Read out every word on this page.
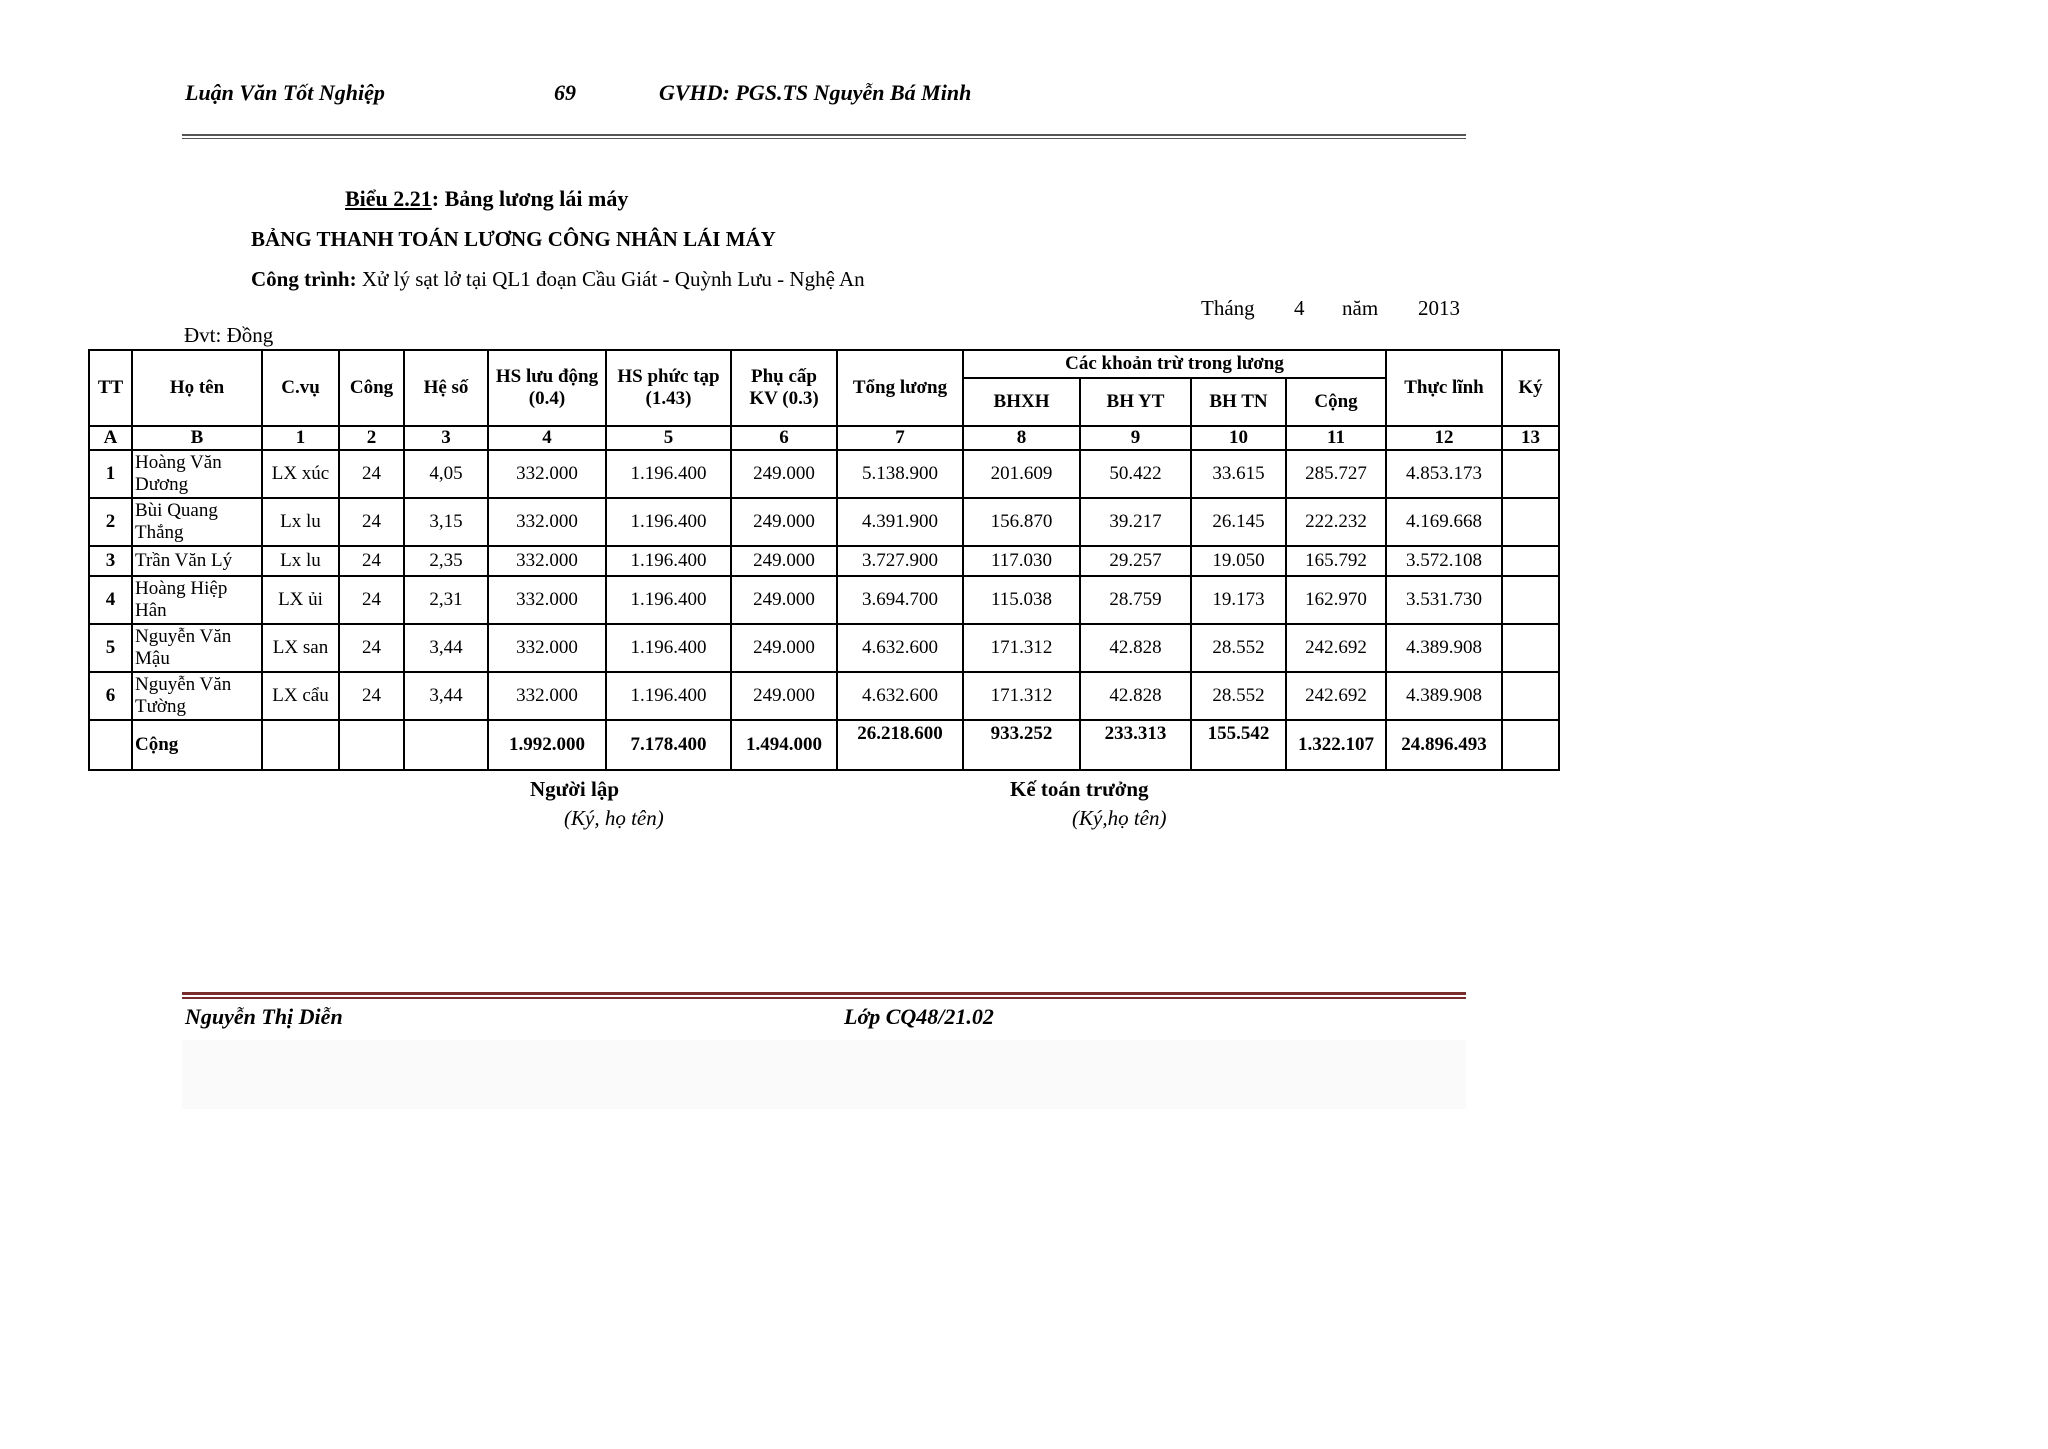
Luận Văn Tốt Nghiệp	69	GVHD: PGS.TS Nguyễn Bá Minh
Biểu 2.21: Bảng lương lái máy
BẢNG THANH TOÁN LƯƠNG CÔNG NHÂN LÁI MÁY
Công trình: Xử lý sạt lở tại QL1 đoạn Cầu Giát - Quỳnh Lưu - Nghệ An
Tháng 4 năm 2013
Đvt: Đồng
TT	Họ tên	C.vụ	Công	Hệ số	HS lưu động (0.4)	HS phức tạp (1.43)	Phụ cấp KV (0.3)	Tổng lương	Các khoản trừ trong lương				Thực lĩnh	Ký
									BHXH	BH YT	BH TN	Cộng		
A	B	1	2	3	4	5	6	7	8	9	10	11	12	13
1	Hoàng Văn Dương	LX xúc	24	4,05	332.000	1.196.400	249.000	5.138.900	201.609	50.422	33.615	285.727	4.853.173	
2	Bùi Quang Thắng	Lx lu	24	3,15	332.000	1.196.400	249.000	4.391.900	156.870	39.217	26.145	222.232	4.169.668	
3	Trần Văn Lý	Lx lu	24	2,35	332.000	1.196.400	249.000	3.727.900	117.030	29.257	19.050	165.792	3.572.108	
4	Hoàng Hiệp Hân	LX ủi	24	2,31	332.000	1.196.400	249.000	3.694.700	115.038	28.759	19.173	162.970	3.531.730	
5	Nguyễn Văn Mậu	LX san	24	3,44	332.000	1.196.400	249.000	4.632.600	171.312	42.828	28.552	242.692	4.389.908	
6	Nguyễn Văn Tường	LX cẩu	24	3,44	332.000	1.196.400	249.000	4.632.600	171.312	42.828	28.552	242.692	4.389.908	
	Cộng				1.992.000	7.178.400	1.494.000	26.218.600	933.252	233.313	155.542	1.322.107	24.896.493	
Người lập
(Ký, họ tên)
Kế toán trưởng
(Ký,họ tên)
Nguyễn Thị Diễn	Lớp CQ48/21.02
